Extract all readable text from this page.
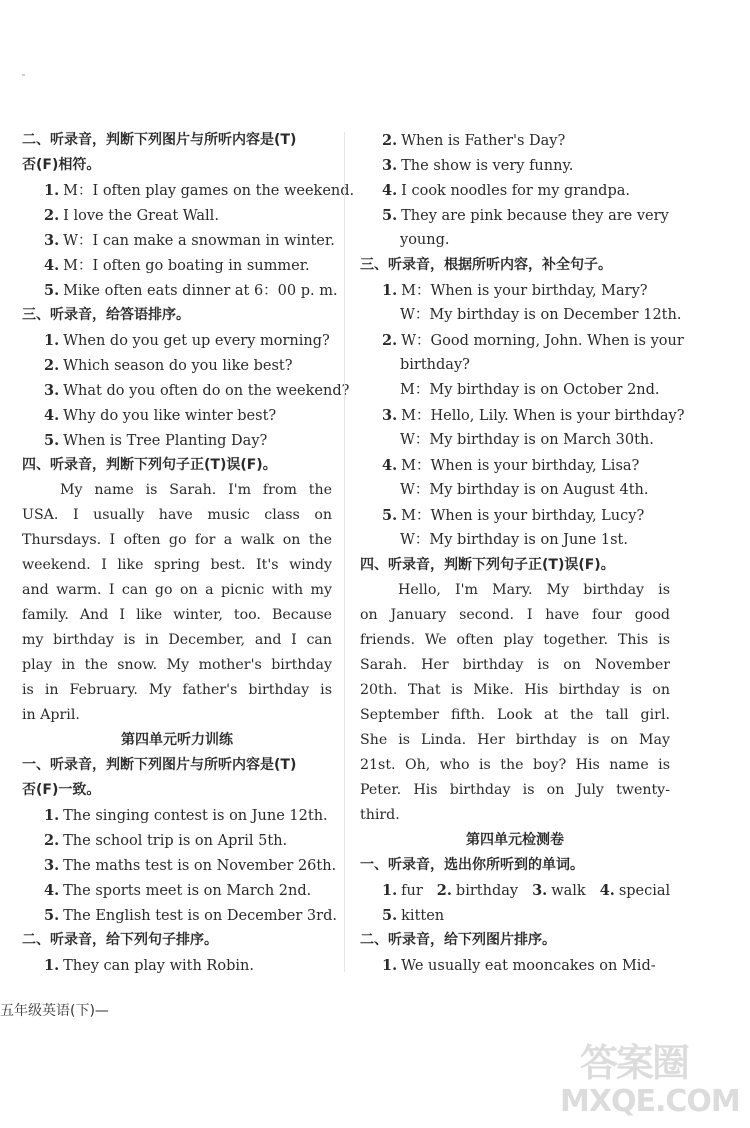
二、听录音，判断下列图片与所听内容是(T)
否(F)相符。
1. M：I often play games on the weekend.
2. I love the Great Wall.
3. W：I can make a snowman in winter.
4. M：I often go boating in summer.
5. Mike often eats dinner at 6：00 p. m.
三、听录音，给答语排序。
1. When do you get up every morning?
2. Which season do you like best?
3. What do you often do on the weekend?
4. Why do you like winter best?
5. When is Tree Planting Day?
四、听录音，判断下列句子正(T)误(F)。
My name is Sarah. I'm from the
USA. I usually have music class on
Thursdays. I often go for a walk on the
weekend. I like spring best. It's windy
and warm. I can go on a picnic with my
family. And I like winter, too. Because
my birthday is in December, and I can
play in the snow. My mother's birthday
is in February. My father's birthday is
in April.
第四单元听力训练
一、听录音，判断下列图片与所听内容是(T)
否(F)一致。
1. The singing contest is on June 12th.
2. The school trip is on April 5th.
3. The maths test is on November 26th.
4. The sports meet is on March 2nd.
5. The English test is on December 3rd.
二、听录音，给下列句子排序。
1. They can play with Robin.
2. When is Father's Day?
3. The show is very funny.
4. I cook noodles for my grandpa.
5. They are pink because they are very
young.
三、听录音，根据所听内容，补全句子。
1. M：When is your birthday, Mary?
W：My birthday is on December 12th.
2. W：Good morning, John. When is your
birthday?
M：My birthday is on October 2nd.
3. M：Hello, Lily. When is your birthday?
W：My birthday is on March 30th.
4. M：When is your birthday, Lisa?
W：My birthday is on August 4th.
5. M：When is your birthday, Lucy?
W：My birthday is on June 1st.
四、听录音，判断下列句子正(T)误(F)。
Hello, I'm Mary. My birthday is
on January second. I have four good
friends. We often play together. This is
Sarah. Her birthday is on November
20th. That is Mike. His birthday is on
September fifth. Look at the tall girl.
She is Linda. Her birthday is on May
21st. Oh, who is the boy? His name is
Peter. His birthday is on July twenty-
third.
第四单元检测卷
一、听录音，选出你所听到的单词。
1. fur 2. birthday 3. walk 4. special
5. kitten
二、听录音，给下列图片排序。
1. We usually eat mooncakes on Mid-
五年级英语(下)—
答案圈
MXQE.COM
